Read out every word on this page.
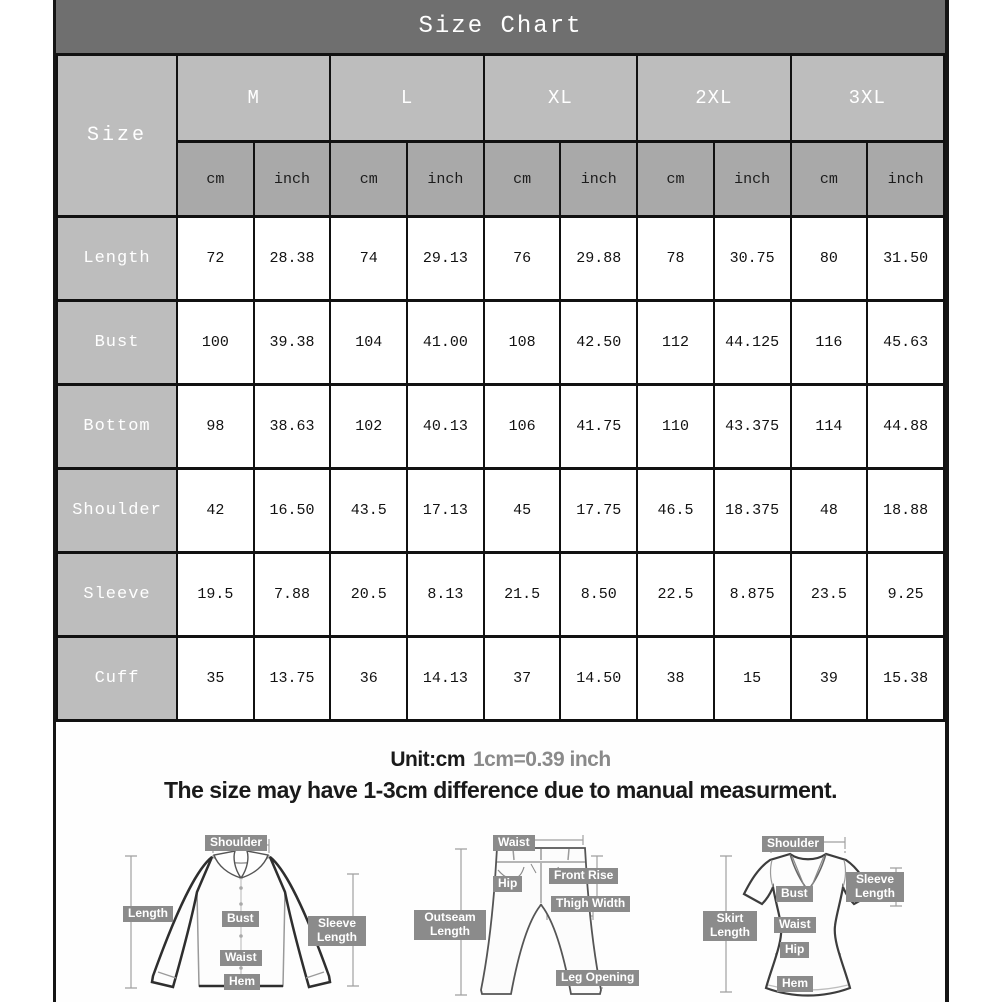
Size Chart
Size	M		L		XL		2XL		3XL	
	cm	inch	cm	inch	cm	inch	cm	inch	cm	inch
Length	72	28.38	74	29.13	76	29.88	78	30.75	80	31.50
Bust	100	39.38	104	41.00	108	42.50	112	44.125	116	45.63
Bottom	98	38.63	102	40.13	106	41.75	110	43.375	114	44.88
Shoulder	42	16.50	43.5	17.13	45	17.75	46.5	18.375	48	18.88
Sleeve	19.5	7.88	20.5	8.13	21.5	8.50	22.5	8.875	23.5	9.25
Cuff	35	13.75	36	14.13	37	14.50	38	15	39	15.38
Unit:cm 1cm=0.39 inch
The size may have 1-3cm difference due to manual measurment.
Shoulder
Length	Bust
Waist
Hem
Sleeve Length
Waist
Front Rise
Hip
Thigh Width
Outseam Length
Leg Opening
Shoulder
Sleeve Length
Bust
Skirt Length
Waist
Hip
Hem
